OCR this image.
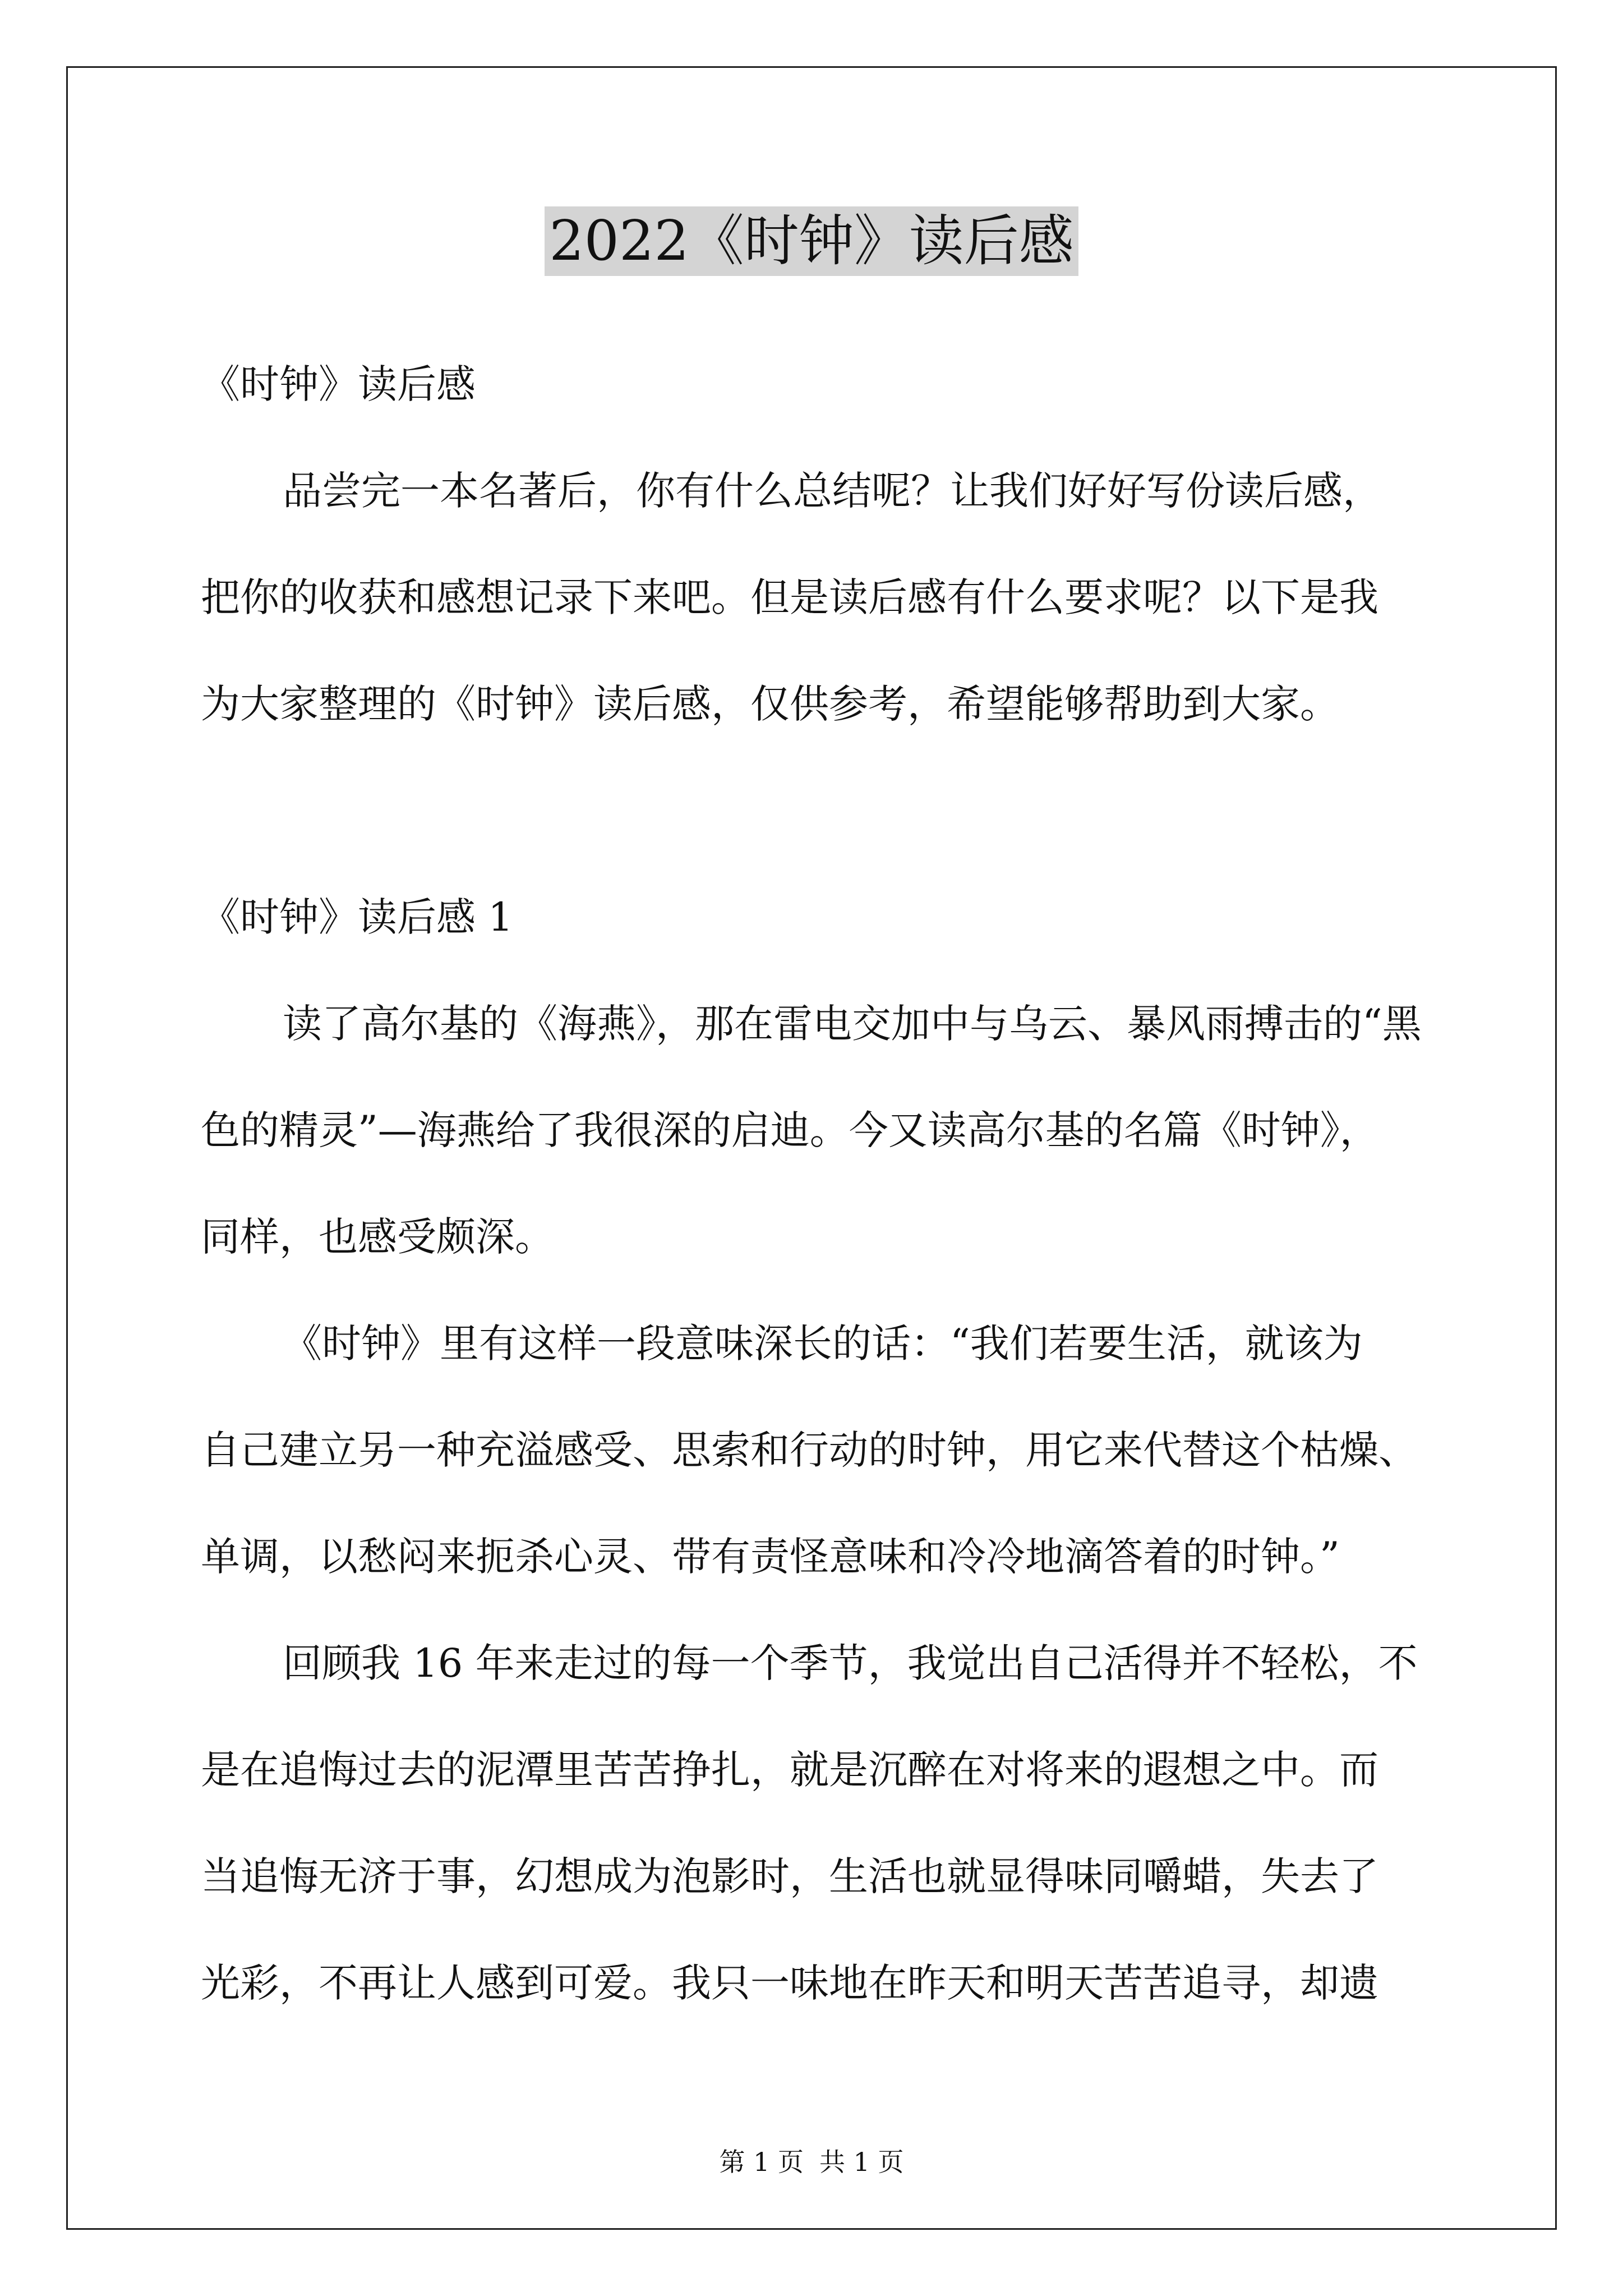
2022《时钟》读后感
《时钟》读后感
品尝完一本名著后，你有什么总结呢？让我们好好写份读后感，
把你的收获和感想记录下来吧。但是读后感有什么要求呢？以下是我
为大家整理的《时钟》读后感，仅供参考，希望能够帮助到大家。
《时钟》读后感 1
读了高尔基的《海燕》，那在雷电交加中与乌云、暴风雨搏击的“黑
色的精灵”—海燕给了我很深的启迪。今又读高尔基的名篇《时钟》，
同样，也感受颇深。
《时钟》里有这样一段意味深长的话：“我们若要生活，就该为
自己建立另一种充溢感受、思索和行动的时钟，用它来代替这个枯燥、
单调，以愁闷来扼杀心灵、带有责怪意味和冷冷地滴答着的时钟。”
回顾我 16 年来走过的每一个季节，我觉出自己活得并不轻松，不
是在追悔过去的泥潭里苦苦挣扎，就是沉醉在对将来的遐想之中。而
当追悔无济于事，幻想成为泡影时，生活也就显得味同嚼蜡，失去了
光彩，不再让人感到可爱。我只一味地在昨天和明天苦苦追寻，却遗
第 1 页 共 1 页
